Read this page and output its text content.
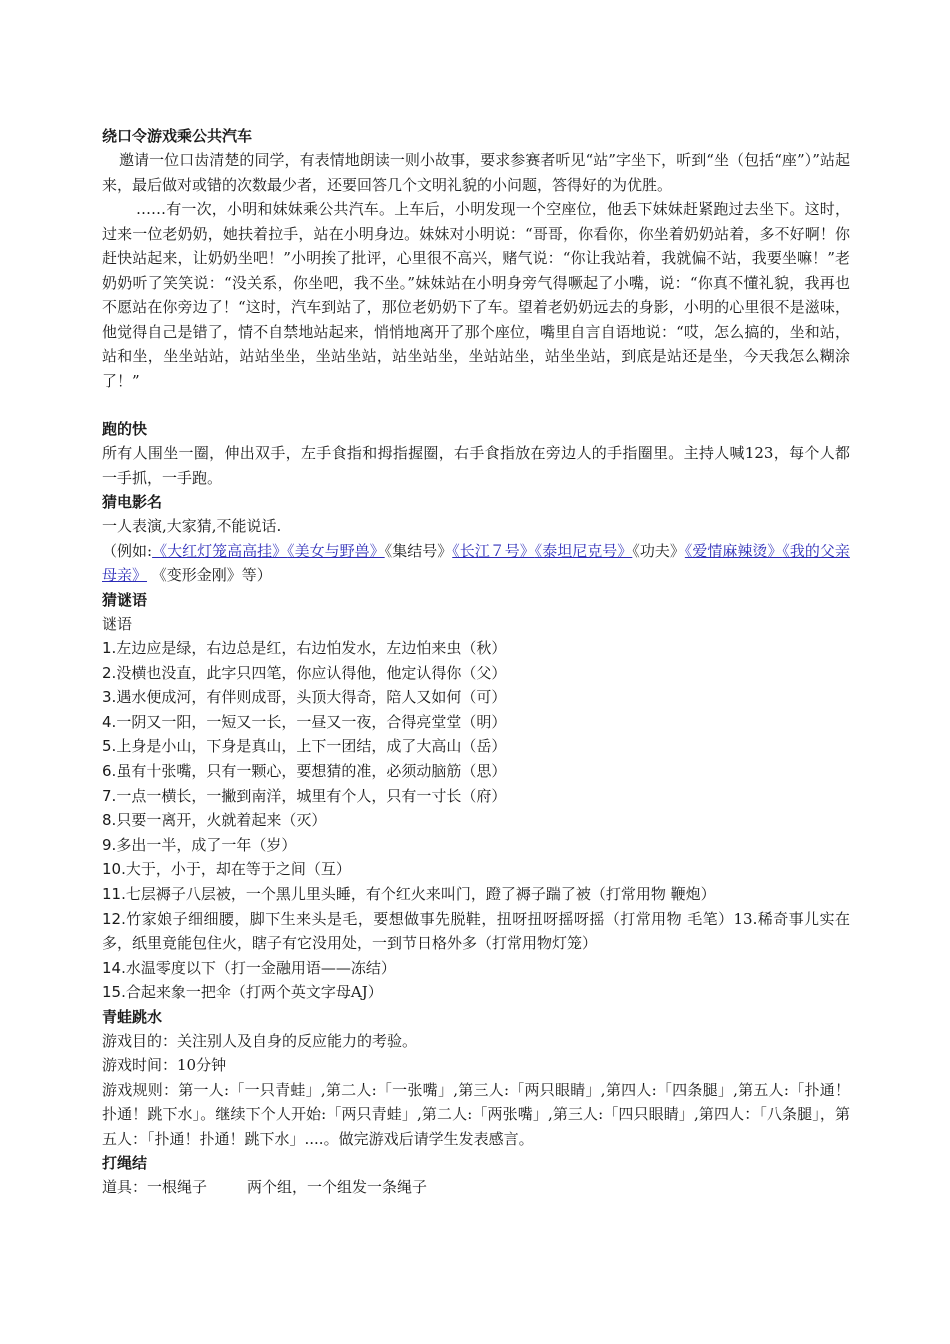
绕口令游戏乘公共汽车

邀请一位口齿清楚的同学，有表情地朗读一则小故事，要求参赛者听见“站”字坐下，听到“坐（包括“座”）”站起来，最后做对或错的次数最少者，还要回答几个文明礼貌的小问题，答得好的为优胜。

……有一次，小明和妹妹乘公共汽车。上车后，小明发现一个空座位，他丢下妹妹赶紧跑过去坐下。这时，过来一位老奶奶，她扶着拉手，站在小明身边。妹妹对小明说：“哥哥，你看你，你坐着奶奶站着，多不好啊！你赶快站起来，让奶奶坐吧！”小明挨了批评，心里很不高兴，赌气说：“你让我站着，我就偏不站，我要坐嘛！”老奶奶听了笑笑说：“没关系，你坐吧，我不坐。”妹妹站在小明身旁气得噘起了小嘴，说：“你真不懂礼貌，我再也不愿站在你旁边了！“这时，汽车到站了，那位老奶奶下了车。望着老奶奶远去的身影，小明的心里很不是滋味，他觉得自己是错了，情不自禁地站起来，悄悄地离开了那个座位，嘴里自言自语地说：“哎，怎么搞的，坐和站，站和坐，坐坐站站，站站坐坐，坐站坐站，站坐站坐，坐站站坐，站坐坐站，到底是站还是坐，今天我怎么糊涂了！”

跑的快

所有人围坐一圈，伸出双手，左手食指和拇指握圈，右手食指放在旁边人的手指圈里。主持人喊123，每个人都一手抓，一手跑。

猜电影名

一人表演,大家猜,不能说话.

（例如:《大红灯笼高高挂》《美女与野兽》《集结号》《长江７号》《泰坦尼克号》《功夫》《爱情麻辣烫》《我的父亲母亲》 《变形金刚》等）

猜谜语
谜语
1.左边应是绿，右边总是红，右边怕发水，左边怕来虫（秋）
2.没横也没直，此字只四笔，你应认得他，他定认得你（父）
3.遇水便成河，有伴则成哥，头顶大得奇，陪人又如何（可）
4.一阴又一阳，一短又一长，一昼又一夜，合得亮堂堂（明）
5.上身是小山，下身是真山，上下一团结，成了大高山（岳）
6.虽有十张嘴，只有一颗心，要想猜的准，必须动脑筋（思）
7.一点一横长，一撇到南洋，城里有个人，只有一寸长（府）
8.只要一离开，火就着起来（灭）
9.多出一半，成了一年（岁）
10.大于，小于，却在等于之间（互）
11.七层褥子八层被，一个黑儿里头睡，有个红火来叫门，蹬了褥子踹了被（打常用物 鞭炮）

12.竹家娘子细细腰，脚下生来头是毛，要想做事先脱鞋，扭呀扭呀摇呀摇（打常用物 毛笔）13.稀奇事儿实在多，纸里竟能包住火，瞎子有它没用处，一到节日格外多（打常用物灯笼）

14.水温零度以下（打一金融用语——冻结）
15.合起来象一把伞（打两个英文字母AJ）
青蛙跳水

游戏目的：关注别人及自身的反应能力的考验。

游戏时间：10分钟

游戏规则：第一人:「一只青蛙」,第二人:「一张嘴」,第三人:「两只眼睛」,第四人:「四条腿」,第五人:「扑通！扑通！跳下水」。继续下个人开始:「两只青蛙」,第二人:「两张嘴」,第三人:「四只眼睛」,第四人：「八条腿」，第五人：「扑通！扑通！跳下水」....。做完游戏后请学生发表感言。

打绳结

道具：一根绳子	两个组，一个组发一条绳子
